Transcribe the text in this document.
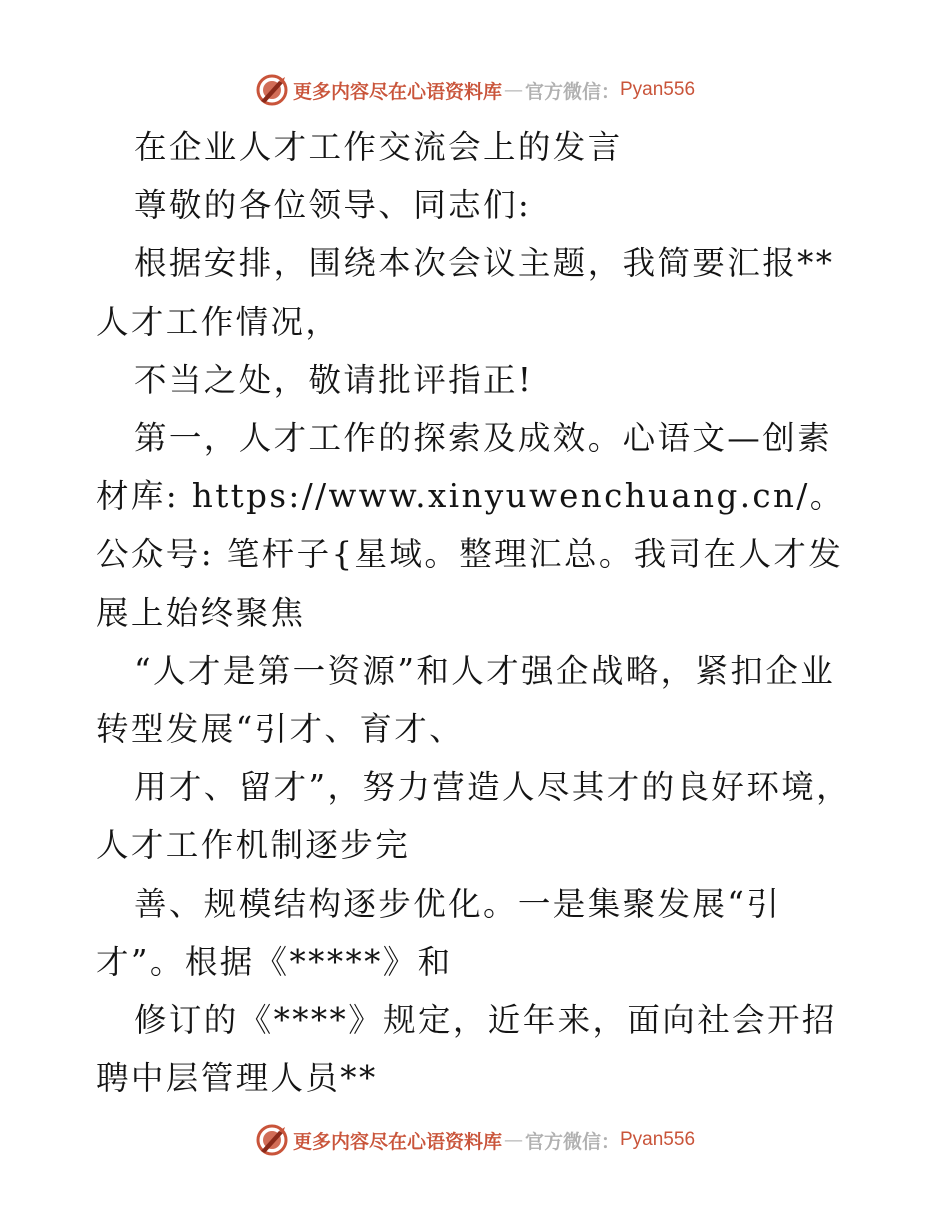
更多内容尽在心语资料库 — 官方微信： Pyan556

在企业人才工作交流会上的发言

尊敬的各位领导、同志们:

根据安排，围绕本次会议主题，我简要汇报**人才工作情况，

不当之处，敬请批评指正!

第一，人才工作的探索及成效。心语文—创素材库: https://www.xinyuwenchuang.cn/。公众号: 笔杆子{星域。整理汇总。我司在人才发展上始终聚焦

“人才是第一资源”和人才强企战略，紧扣企业转型发展“引才、育才、

用才、留才”，努力营造人尽其才的良好环境，人才工作机制逐步完

善、规模结构逐步优化。一是集聚发展“引才”。根据《*****》和

修订的《****》规定，近年来，面向社会开招聘中层管理人员**

更多内容尽在心语资料库 — 官方微信： Pyan556
